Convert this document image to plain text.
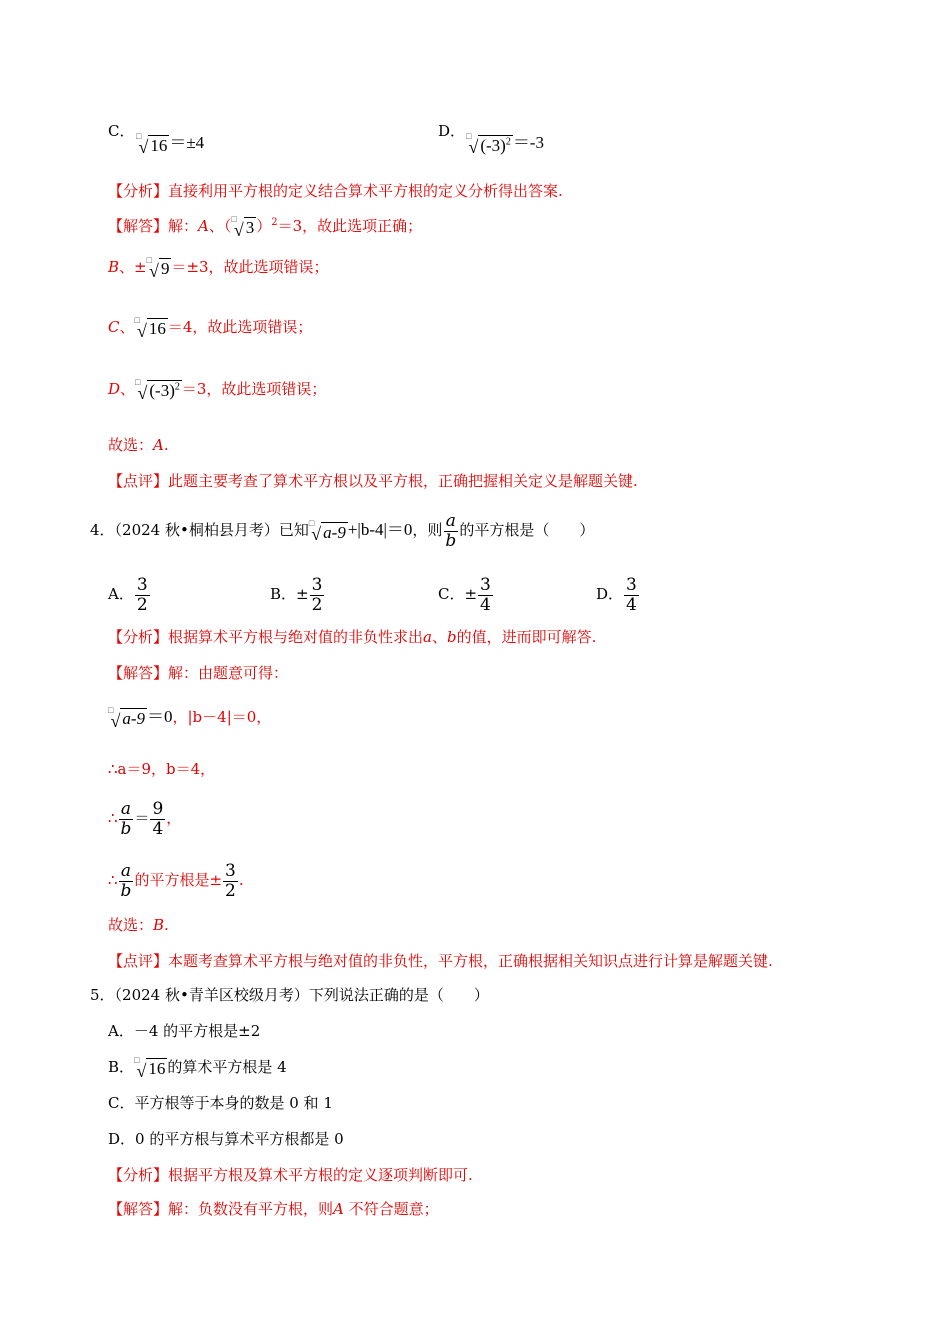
C． □
√ 16 ＝±4
D． □
√ $(-3)^2 =-3$
【分析】直接利用平方根的定义结合算术平方根的定义分析得出答案.
【解答】解：A、（ □
√ 3 ）$^2$＝3，故此选项正确；
B、± □
√ 9 ＝±3，故此选项错误；
C、 □
√ 16 ＝4，故此选项错误；
D、 □
√ $(-3)^2 =3$，故此选项错误；
故选：A.
【点评】此题主要考查了算术平方根以及平方根，正确把握相关定义是解题关键.
4．（2024 秋•桐柏县月考）已知 □
√ a-9 +|b-4|＝0，则 $\frac{a}{b}$ 的平方根是（　　）
A． $\frac{3}{2}$	B．± $\frac{3}{2}$	C．± $\frac{3}{4}$	D． $\frac{3}{4}$
【分析】根据算术平方根与绝对值的非负性求出a、b的值，进而即可解答.
【解答】解：由题意可得：
□
√ a-9 ＝0，|b－4|＝0，
∴a＝9，b＝4，
∴ $\frac{a}{b} = \frac{9}{4}$ ，
∴ $\frac{a}{b}$ 的平方根是± $\frac{3}{2}$ .
故选：B.
【点评】本题考查算术平方根与绝对值的非负性，平方根，正确根据相关知识点进行计算是解题关键.
5．（2024 秋•青羊区校级月考）下列说法正确的是（　　）
A．－4 的平方根是±2
B． □
√ 16 的算术平方根是 4
C．平方根等于本身的数是 0 和 1
D．0 的平方根与算术平方根都是 0
【分析】根据平方根及算术平方根的定义逐项判断即可.
【解答】解：负数没有平方根，则A 不符合题意；
